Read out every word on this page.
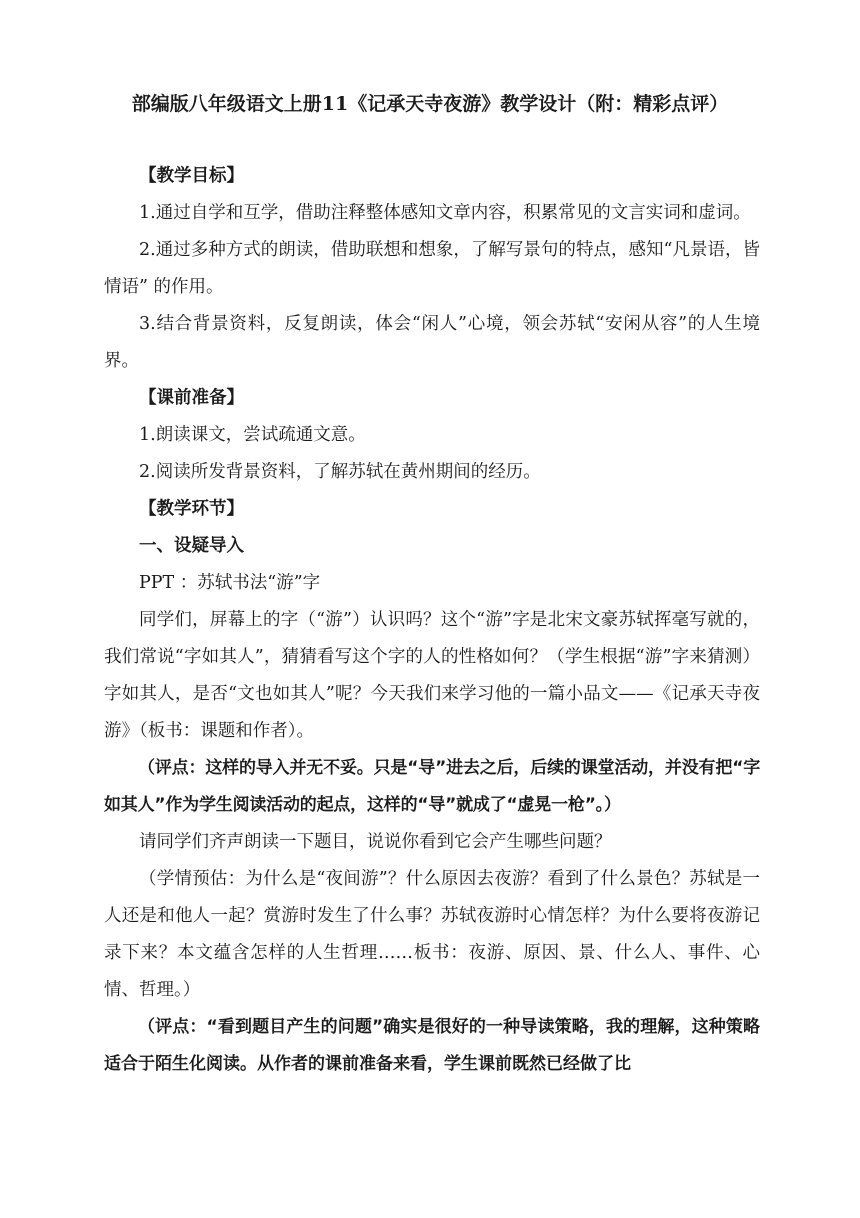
部编版八年级语文上册11《记承天寺夜游》教学设计（附：精彩点评）

【教学目标】

1.通过自学和互学，借助注释整体感知文章内容，积累常见的文言实词和虚词。

2.通过多种方式的朗读，借助联想和想象，了解写景句的特点，感知“凡景语，皆情语” 的作用。

3.结合背景资料，反复朗读，体会“闲人”心境，领会苏轼“安闲从容”的人生境界。

【课前准备】

1.朗读课文，尝试疏通文意。

2.阅读所发背景资料，了解苏轼在黄州期间的经历。

【教学环节】

一、设疑导入

PPT ：苏轼书法“游”字

同学们，屏幕上的字（“游”）认识吗？这个“游”字是北宋文豪苏轼挥毫写就的，我们常说“字如其人”，猜猜看写这个字的人的性格如何？（学生根据“游”字来猜测）字如其人，是否“文也如其人”呢？今天我们来学习他的一篇小品文——《记承天寺夜游》（板书：课题和作者）。

（评点：这样的导入并无不妥。只是“导”进去之后，后续的课堂活动，并没有把“字如其人”作为学生阅读活动的起点，这样的“导”就成了“虚晃一枪”。）

请同学们齐声朗读一下题目，说说你看到它会产生哪些问题？

（学情预估：为什么是“夜间游”？什么原因去夜游？看到了什么景色？苏轼是一人还是和他人一起？赏游时发生了什么事？苏轼夜游时心情怎样？为什么要将夜游记录下来？本文蕴含怎样的人生哲理……板书：夜游、原因、景、什么人、事件、心情、哲理。）

（评点：“看到题目产生的问题”确实是很好的一种导读策略，我的理解，这种策略适合于陌生化阅读。从作者的课前准备来看，学生课前既然已经做了比
